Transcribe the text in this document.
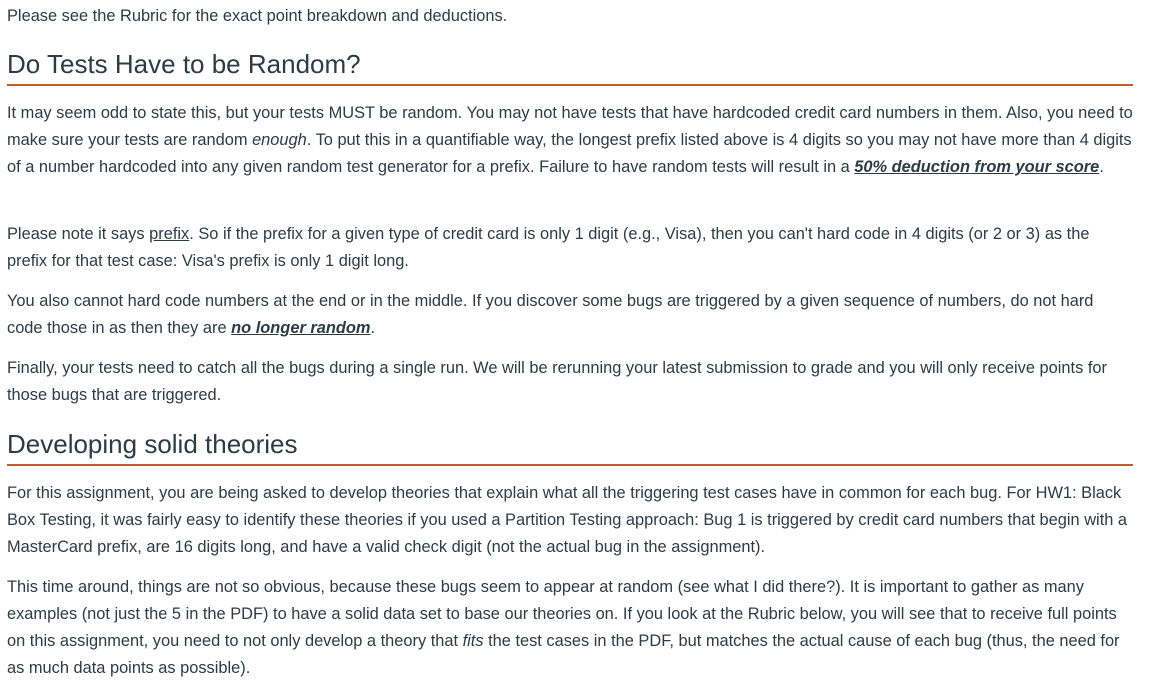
Please see the Rubric for the exact point breakdown and deductions.

Do Tests Have to be Random?

It may seem odd to state this, but your tests MUST be random. You may not have tests that have hardcoded credit card numbers in them. Also, you need to make sure your tests are random enough. To put this in a quantifiable way, the longest prefix listed above is 4 digits so you may not have more than 4 digits of a number hardcoded into any given random test generator for a prefix. Failure to have random tests will result in a 50% deduction from your score.

Please note it says prefix. So if the prefix for a given type of credit card is only 1 digit (e.g., Visa), then you can't hard code in 4 digits (or 2 or 3) as the prefix for that test case: Visa's prefix is only 1 digit long.

You also cannot hard code numbers at the end or in the middle. If you discover some bugs are triggered by a given sequence of numbers, do not hard code those in as then they are no longer random.

Finally, your tests need to catch all the bugs during a single run. We will be rerunning your latest submission to grade and you will only receive points for those bugs that are triggered.

Developing solid theories

For this assignment, you are being asked to develop theories that explain what all the triggering test cases have in common for each bug. For HW1: Black Box Testing, it was fairly easy to identify these theories if you used a Partition Testing approach: Bug 1 is triggered by credit card numbers that begin with a MasterCard prefix, are 16 digits long, and have a valid check digit (not the actual bug in the assignment).

This time around, things are not so obvious, because these bugs seem to appear at random (see what I did there?). It is important to gather as many examples (not just the 5 in the PDF) to have a solid data set to base our theories on. If you look at the Rubric below, you will see that to receive full points on this assignment, you need to not only develop a theory that fits the test cases in the PDF, but matches the actual cause of each bug (thus, the need for as much data points as possible).
